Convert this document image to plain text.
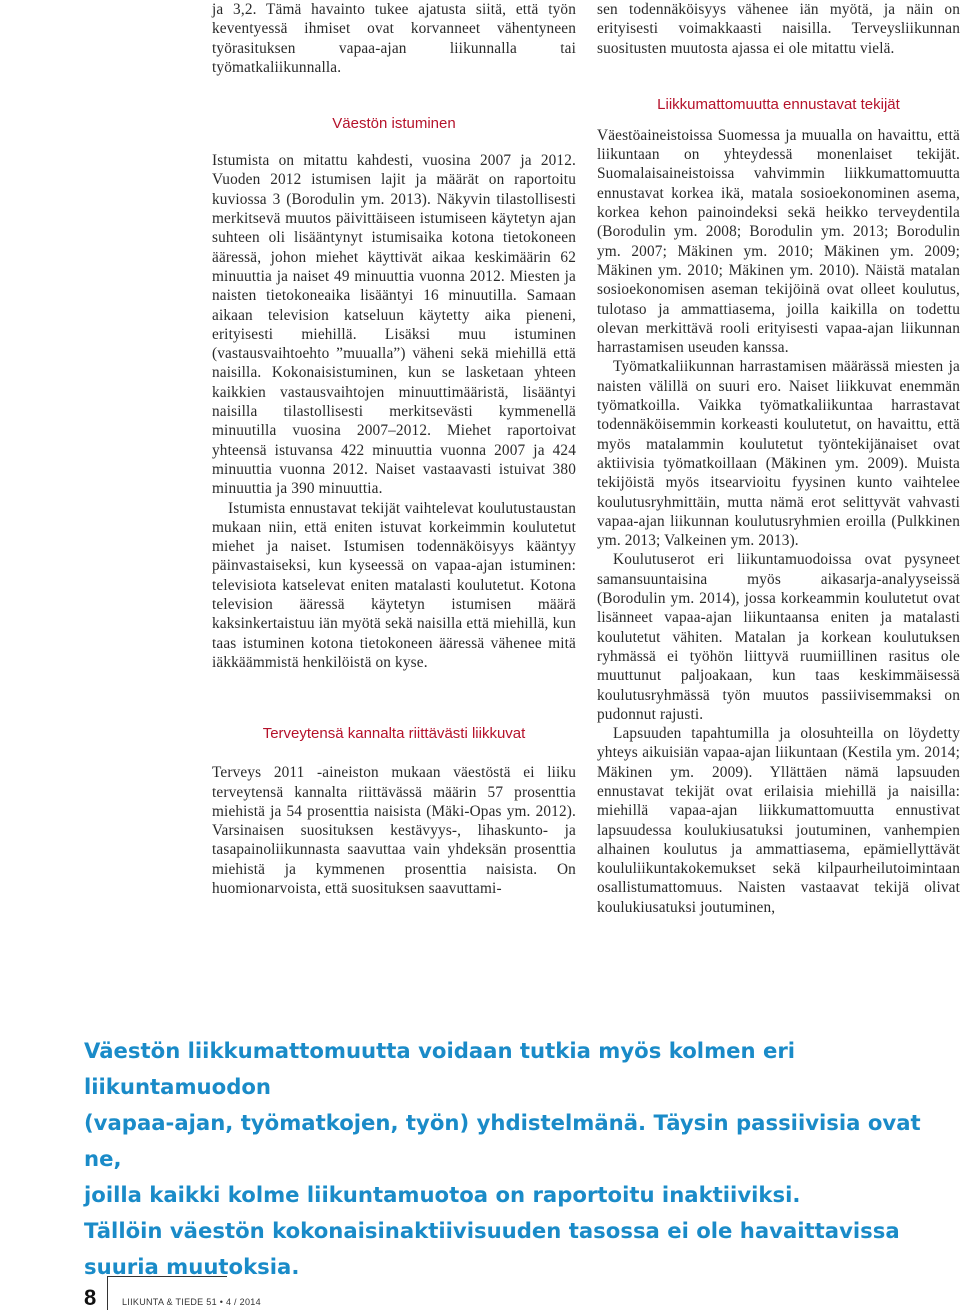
ja 3,2. Tämä havainto tukee ajatusta siitä, että työn keventyessä ihmiset ovat korvanneet vähentyneen työrasituksen vapaa-ajan liikunnalla tai työmatkaliikunnalla.

Väestön istuminen

Istumista on mitattu kahdesti, vuosina 2007 ja 2012. Vuoden 2012 istumisen lajit ja määrät on raportoitu kuviossa 3 (Borodulin ym. 2013). Näkyvin tilastollisesti merkitsevä muutos päivittäiseen istumiseen käytetyn ajan suhteen oli lisääntynyt istumisaika kotona tietokoneen ääressä, johon miehet käyttivät aikaa keskimäärin 62 minuuttia ja naiset 49 minuuttia vuonna 2012. Miesten ja naisten tietokoneaika lisääntyi 16 minuutilla. Samaan aikaan television katseluun käytetty aika pieneni, erityisesti miehillä. Lisäksi muu istuminen (vastausvaihtoehto ”muualla”) väheni sekä miehillä että naisilla. Kokonaisistuminen, kun se lasketaan yhteen kaikkien vastausvaihtojen minuuttimääristä, lisääntyi naisilla tilastollisesti merkitsevästi kymmenellä minuutilla vuosina 2007–2012. Miehet raportoivat yhteensä istuvansa 422 minuuttia vuonna 2007 ja 424 minuuttia vuonna 2012. Naiset vastaavasti istuivat 380 minuuttia ja 390 minuuttia.

Istumista ennustavat tekijät vaihtelevat koulutustaustan mukaan niin, että eniten istuvat korkeimmin koulutetut miehet ja naiset. Istumisen todennäköisyys kääntyy päinvastaiseksi, kun kyseessä on vapaa-ajan istuminen: televisiota katselevat eniten matalasti koulutetut. Kotona television ääressä käytetyn istumisen määrä kaksinkertaistuu iän myötä sekä naisilla että miehillä, kun taas istuminen kotona tietokoneen ääressä vähenee mitä iäkkäämmistä henkilöistä on kyse.

Terveytensä kannalta riittävästi liikkuvat

Terveys 2011 -aineiston mukaan väestöstä ei liiku terveytensä kannalta riittävässä määrin 57 prosenttia miehistä ja 54 prosenttia naisista (Mäki-Opas ym. 2012). Varsinaisen suosituksen kestävyys-, lihaskunto- ja tasapainoliikunnasta saavuttaa vain yhdeksän prosenttia miehistä ja kymmenen prosenttia naisista. On huomionarvoista, että suosituksen saavuttami-

sen todennäköisyys vähenee iän myötä, ja näin on erityisesti voimakkaasti naisilla. Terveysliikunnan suositusten muutosta ajassa ei ole mitattu vielä.

Liikkumattomuutta ennustavat tekijät

Väestöaineistoissa Suomessa ja muualla on havaittu, että liikuntaan on yhteydessä monenlaiset tekijät. Suomalaisaineistoissa vahvimmin liikkumattomuutta ennustavat korkea ikä, matala sosioekonominen asema, korkea kehon painoindeksi sekä heikko terveydentila (Borodulin ym. 2008; Borodulin ym. 2013; Borodulin ym. 2007; Mäkinen ym. 2010; Mäkinen ym. 2009; Mäkinen ym. 2010; Mäkinen ym. 2010). Näistä matalan sosioekonomisen aseman tekijöinä ovat olleet koulutus, tulotaso ja ammattiasema, joilla kaikilla on todettu olevan merkittävä rooli erityisesti vapaa-ajan liikunnan harrastamisen useuden kanssa.

Työmatkaliikunnan harrastamisen määrässä miesten ja naisten välillä on suuri ero. Naiset liikkuvat enemmän työmatkoilla. Vaikka työmatkaliikuntaa harrastavat todennäköisemmin korkeasti koulutetut, on havaittu, että myös matalammin koulutetut työntekijänaiset ovat aktiivisia työmatkoillaan (Mäkinen ym. 2009). Muista tekijöistä myös itsearvioitu fyysinen kunto vaihtelee koulutusryhmittäin, mutta nämä erot selittyvät vahvasti vapaa-ajan liikunnan koulutusryhmien eroilla (Pulkkinen ym. 2013; Valkeinen ym. 2013).

Koulutuserot eri liikuntamuodoissa ovat pysyneet samansuuntaisina myös aikasarja-analyyseissä (Borodulin ym. 2014), jossa korkeammin koulutetut ovat lisänneet vapaa-ajan liikuntaansa eniten ja matalasti koulutetut vähiten. Matalan ja korkean koulutuksen ryhmässä ei työhön liittyvä ruumiillinen rasitus ole muuttunut paljoakaan, kun taas keskimmäisessä koulutusryhmässä työn muutos passiivisemmaksi on pudonnut rajusti.

Lapsuuden tapahtumilla ja olosuhteilla on löydetty yhteys aikuisiän vapaa-ajan liikuntaan (Kestila ym. 2014; Mäkinen ym. 2009). Yllättäen nämä lapsuuden ennustavat tekijät ovat erilaisia miehillä ja naisilla: miehillä vapaa-ajan liikkumattomuutta ennustivat lapsuudessa koulukiusatuksi joutuminen, vanhempien alhainen koulutus ja ammattiasema, epämiellyttävät koululiikuntakokemukset sekä kilpaurheilutoimintaan osallistumattomuus. Naisten vastaavat tekijä olivat koulukiusatuksi joutuminen,

Väestön liikkumattomuutta voidaan tutkia myös kolmen eri liikuntamuodon
(vapaa-ajan, työmatkojen, työn) yhdistelmänä. Täysin passiivisia ovat ne,
joilla kaikki kolme liikuntamuotoa on raportoitu inaktiiviksi.
Tällöin väestön kokonaisinaktiivisuuden tasossa ei ole havaittavissa
suuria muutoksia.
8	LIIKUNTA & TIEDE 51 • 4 / 2014
